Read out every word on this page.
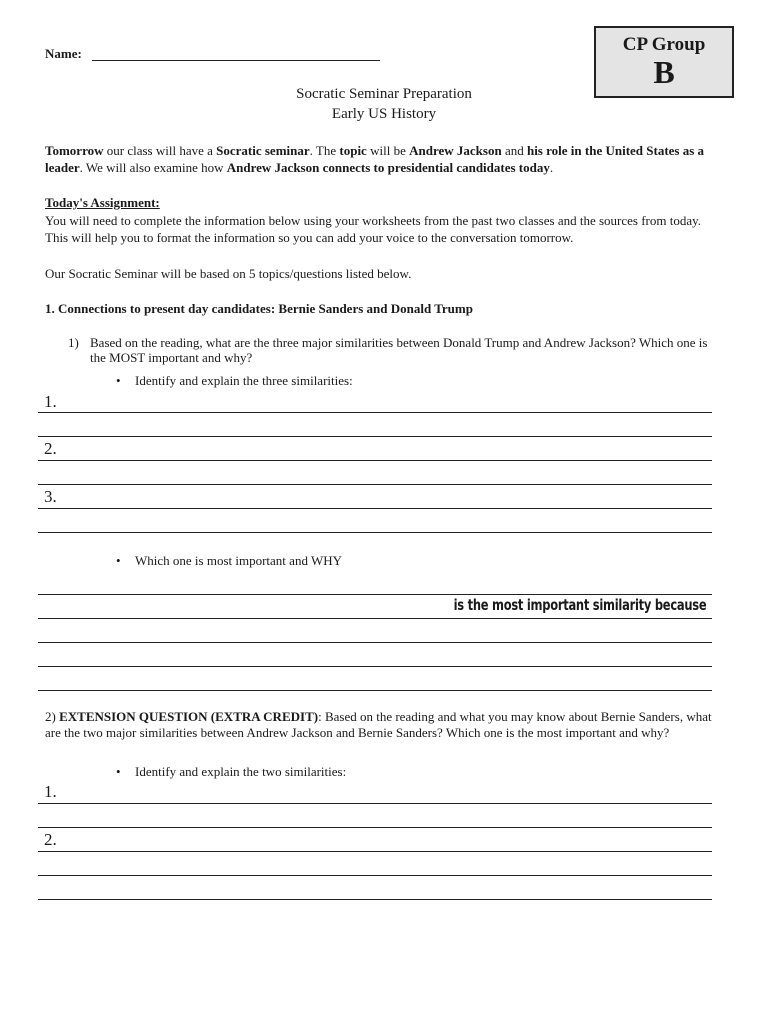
Name:	CP Group
B
Socratic Seminar Preparation
Early US History
Tomorrow our class will have a Socratic seminar. The topic will be Andrew Jackson and his role in the United States as a leader. We will also examine how Andrew Jackson connects to presidential candidates today.
Today's Assignment:
You will need to complete the information below using your worksheets from the past two classes and the sources from today. This will help you to format the information so you can add your voice to the conversation tomorrow.
Our Socratic Seminar will be based on 5 topics/questions listed below.
1. Connections to present day candidates: Bernie Sanders and Donald Trump
1) Based on the reading, what are the three major similarities between Donald Trump and Andrew Jackson? Which one is the MOST important and why?
• Identify and explain the three similarities:
1.
2.
3.
• Which one is most important and WHY
is the most important similarity because
2) EXTENSION QUESTION (EXTRA CREDIT): Based on the reading and what you may know about Bernie Sanders, what are the two major similarities between Andrew Jackson and Bernie Sanders? Which one is the most important and why?
• Identify and explain the two similarities:
1.
2.
